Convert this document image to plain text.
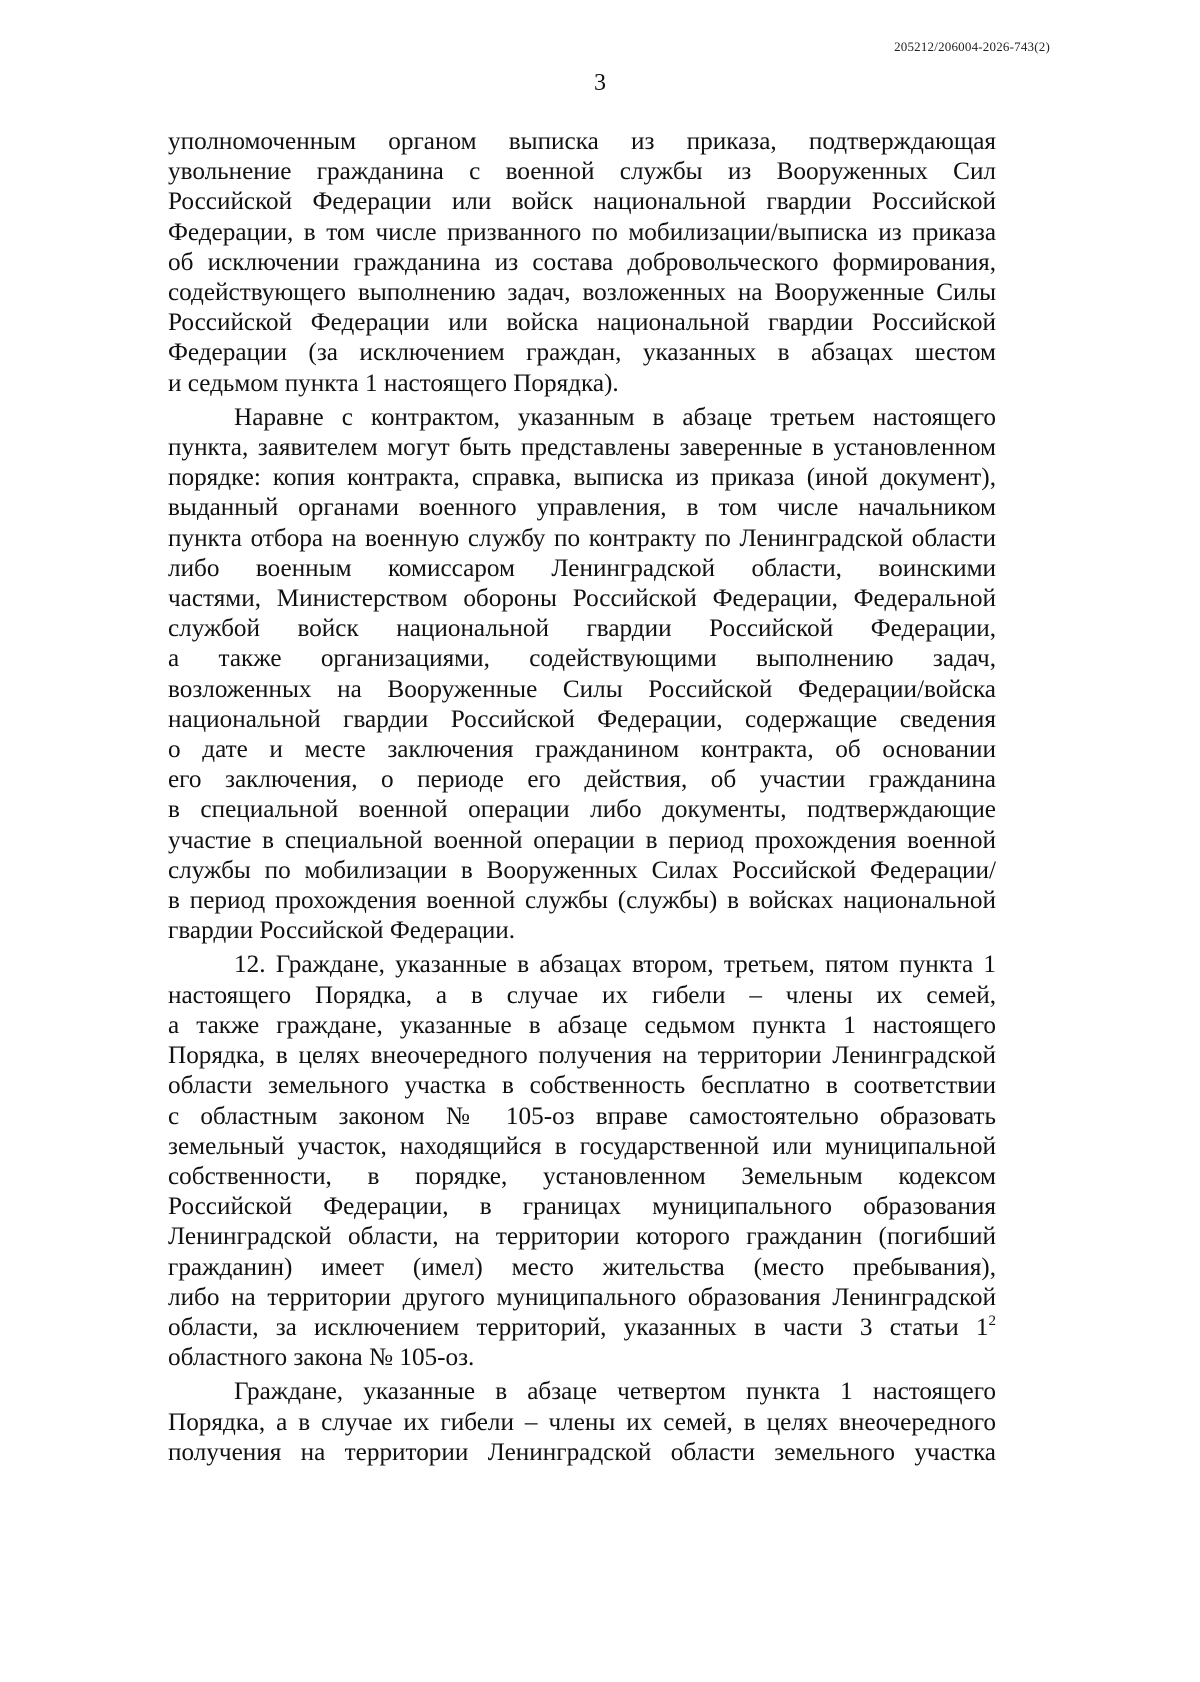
205212/206004-2026-743(2)
3
уполномоченным органом выписка из приказа, подтверждающая
увольнение гражданина с военной службы из Вооруженных Сил
Российской Федерации или войск национальной гвардии Российской
Федерации, в том числе призванного по мобилизации/выписка из приказа
об исключении гражданина из состава добровольческого формирования,
содействующего выполнению задач, возложенных на Вооруженные Силы
Российской Федерации или войска национальной гвардии Российской
Федерации (за исключением граждан, указанных в абзацах шестом
и седьмом пункта 1 настоящего Порядка).
Наравне с контрактом, указанным в абзаце третьем настоящего
пункта, заявителем могут быть представлены заверенные в установленном
порядке: копия контракта, справка, выписка из приказа (иной документ),
выданный органами военного управления, в том числе начальником
пункта отбора на военную службу по контракту по Ленинградской области
либо военным комиссаром Ленинградской области, воинскими
частями, Министерством обороны Российской Федерации, Федеральной
службой войск национальной гвардии Российской Федерации,
а также организациями, содействующими выполнению задач,
возложенных на Вооруженные Силы Российской Федерации/войска
национальной гвардии Российской Федерации, содержащие сведения
о дате и месте заключения гражданином контракта, об основании
его заключения, о периоде его действия, об участии гражданина
в специальной военной операции либо документы, подтверждающие
участие в специальной военной операции в период прохождения военной
службы по мобилизации в Вооруженных Силах Российской Федерации/
в период прохождения военной службы (службы) в войсках национальной
гвардии Российской Федерации.
12. Граждане, указанные в абзацах втором, третьем, пятом пункта 1
настоящего Порядка, а в случае их гибели – члены их семей,
а также граждане, указанные в абзаце седьмом пункта 1 настоящего
Порядка, в целях внеочередного получения на территории Ленинградской
области земельного участка в собственность бесплатно в соответствии
с областным законом № 105-оз вправе самостоятельно образовать
земельный участок, находящийся в государственной или муниципальной
собственности, в порядке, установленном Земельным кодексом
Российской Федерации, в границах муниципального образования
Ленинградской области, на территории которого гражданин (погибший
гражданин) имеет (имел) место жительства (место пребывания),
либо на территории другого муниципального образования Ленинградской
области, за исключением территорий, указанных в части 3 статьи $1^2$
областного закона № 105-оз.
Граждане, указанные в абзаце четвертом пункта 1 настоящего
Порядка, а в случае их гибели – члены их семей, в целях внеочередного
получения на территории Ленинградской области земельного участка
